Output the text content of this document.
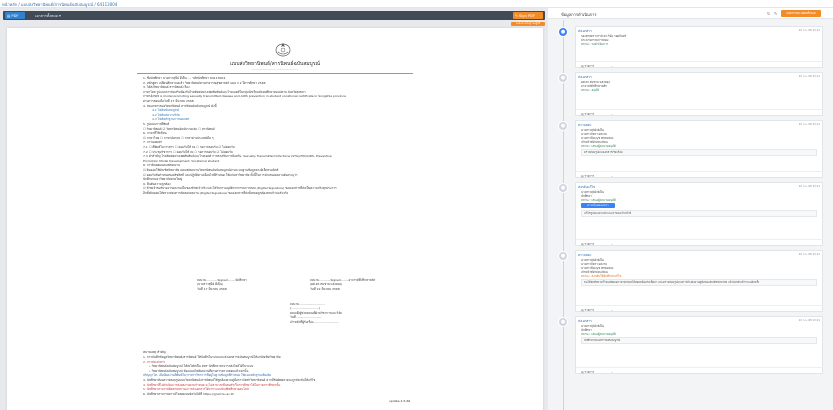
หน้าหลัก / แบบส่งวิทยานิพนธ์/สารนิพนธ์ฉบับสมบูรณ์ / 64113004
▤ PDF	เอกสารทั้งหมด ▾	✎ Sign PDF
รอลงนามในฐานะผู้ใช้
แบบส่งวิทยานิพนธ์/สารนิพนธ์ฉบับสมบูรณ์
................................................
1. ชื่อนักศึกษา นางสาวสุนีย์ ดีเย็น .... รหัสนักศึกษา 64113004
2. หลักสูตร เปลี่ยนศึกษาจบแล้ว วิทยานิพนธ์ทางสาธารณสุขศาสตร์ แผน ก 2 ปีการศึกษา 2566
3. ได้ส่งวิทยานิพนธ์ สารนิพนธ์ เรื่อง
ภาษาไทย รูปแบบการส่งเสริมป้องกันโรคติดต่อทางเพศสัมพันธ์และโรคเอดส์ในกลุ่มนักเรียนมัธยมศึกษาตอนปลาย จังหวัดสงขลา
ภาษาอังกฤษ A model promoting sexually transmitted disease and AIDS prevention in student vocational certificate in Songkhla province
ผ่านการสอบเมื่อวันที่ 17 มีนาคม 2568
4. ส่งเอกสารของวิทยานิพนธ์ สารนิพนธ์ฉบับสมบูรณ์ ดังนี้
4.1 ไฟล์ฉบับสมบูรณ์
4.2 ไฟล์บทความวิจัย
4.3 ไฟล์หลักฐานการเผยแพร่
5. รูปแบบการตีพิมพ์
☐ วิทยานิพนธ์ ☑ วิทยานิพนธ์ฉบับรวมเล่ม ☐ สารนิพนธ์
6. ภาษาที่ใช้เขียน
☑ ภาษาไทย ☐ ภาษาอังกฤษ ☐ ภาษาต่างประเทศอื่น ๆ
7. การเผยแพร่
7.1 ☐ ตีพิมพ์ในวารสาร ☐ ยอมรับให้ ลง ☐ รอการตอบรับ ☑ ไม่ยอมรับ
7.2 ☐ ประชุมวิชาการ ☐ ยอมรับให้ ลง ☐ รอการตอบรับ ☑ ไม่ยอมรับ
7.3 คำสำคัญ โรคติดต่อทางเพศสัมพันธ์และโรคเอดส์ การส่งเสริมการป้องกัน, Sexually Transmitted Infections (STIs)/HIV/AIDS, Preventive
Promotion Model Development, Vocational student
8. การยินยอมเผยแพร่ผลงาน
☑ ยินยอมให้บัณฑิตวิทยาลัย เผยแพร่ผลงานวิทยานิพนธ์ฉบับสมบูรณ์ผ่านระบบฐานข้อมูลทางอิเล็กทรอนิกส์
☑ ยอมรับข้อกำหนดของลิขสิทธิ์ และปฏิบัติตามเงื่อนไขที่กำหนด ให้แก่มหาวิทยาลัย ทั้งนี้ในการนำเสนอผลงานต้องระบุว่า
นักศึกษามหาวิทยาลัยหาดใหญ่
9. ยืนยันความถูกต้อง
☑ ข้าพเจ้าขอรับรองว่าผลงานเป็นของข้าพเจ้าจริง และได้รับการอนุมัติจากกรรมการสอบ (Digital Signature) ของเอกสารที่ส่งเป็นความจริงทุกประการ
อีกทั้งยินยอมให้ตรวจสอบการคัดลอกผลงาน (Digital Signature) ของเอกสารที่ส่งทั้งหมดถูกต้องครบถ้วนแล้วจริง
ลงนาม............Signed........นักศึกษา
(นางสาวสุนีย์ ดีเย็น)
วันที่ 17 มีนาคม 2568
ลงนาม............Signed........อาจารย์ที่ปรึกษาหลัก
(ผศ.ดร.สมชาย แสงทอง)
วันที่ 22 มีนาคม 2568
ลงนาม...........................
(.............................)
คณบดี/ผู้ช่วยคณบดีฝ่ายวิชาการและวิจัย
วันที่...........................
เจ้าหน้าที่ผู้รับเรื่อง...........................
หมายเหตุ สำคัญ
1. การบันทึกข้อมูลวิทยานิพนธ์/สารนิพนธ์ ให้บันทึกในระบบและส่งเอกสารฉบับสมบูรณ์ให้แก่บัณฑิตวิทยาลัย
2. การส่งเอกสาร
• วิทยานิพนธ์ฉบับสมบูรณ์ ให้ส่งไฟล์เป็น PDF นักศึกษาสามารถส่งไฟล์ได้ในระบบ
• วิทยานิพนธ์ฉบับสมบูรณ์ ต้องแนบไฟล์ผลงานที่ผ่านการตรวจสอบแล้วเท่านั้น
ปริญญาโท: เมื่อมีผลงานตีพิมพ์ในวารสารวิชาการที่อยู่ในฐานข้อมูลที่กำหนด ให้แนบหลักฐานเพิ่มเติม
3. นักศึกษาต้องตรวจสอบรูปแบบวิทยานิพนธ์/สารนิพนธ์ให้ถูกต้องตามคู่มือการจัดทำวิทยานิพนธ์ หากมีข้อผิดพลาดจะถูกส่งกลับให้แก้ไข
4. นักศึกษาที่ไม่ดำเนินการส่งผลงานตามกำหนด จะไม่สามารถยื่นขอสำเร็จการศึกษาได้ในภาคการศึกษานั้น
5. นักศึกษาสามารถติดตามสถานะการส่งเอกสารได้จากระบบบัณฑิตศึกษาออนไลน์
6. นักศึกษาสามารถดาวน์โหลดแบบฟอร์มได้ที่ https://grad.hu.ac.th
update 2-5-66
ข้อมูลการดำเนินการ	↻ ✎	แสดงรายละเอียดทั้งหมด
●	ส่งเอกสาร	22 ก.ย. 68 13:21
รองศาสตราจารย์ ดร.วินัย รอดจันทร์
ประธานกรรมการสอบ
สถานะ: รอดำเนินการ
▤ รายการ	⌄
●	ส่งเอกสาร	22 ก.ย. 68 13:21
ผศ.ดร.สมชาย แสงทอง
อาจารย์ที่ปรึกษาหลัก
สถานะ: อนุมัติ
▤ รายการ	⌄
●	ตรวจสอบ	22 ก.ย. 68 13:21
นางสาวสุนีย์ ดีเย็น
นางสาวจิตรา ผลงาม
นางสาวปิยะนุช พรหมทอง
เจ้าหน้าที่ฝ่ายทะเบียน
สถานะ: เสนอผู้ลงนามอนุมัติ
ตรวจสอบรูปแบบเอกสารเรียบร้อย
▤ รายการ	⌄
●	ส่งกลับแก้ไข	22 ก.ย. 68 13:21
นางสาวสุนีย์ ดีเย็น
นักศึกษา
สถานะ: เสนอผู้ลงนามอนุมัติ
ดาวน์โหลดเอกสาร
แก้ไขรูปแบบตามคำแนะนำของเจ้าหน้าที่
▤ รายการ	⌄
●	ตรวจสอบ	22 ก.ย. 68 13:21
นางสาวสุนีย์ ดีเย็น
นางสาวจิตรา ผลงาม
นางสาวปิยะนุช พรหมทอง
เจ้าหน้าที่ฝ่ายทะเบียน
สถานะ: ส่งกลับให้นักศึกษาแก้ไข
ขอให้นักศึกษาแก้ไขบทคัดย่อภาษาอังกฤษให้สอดคล้องกับเนื้อหา และตรวจสอบรูปแบบการอ้างอิงตามคู่มือของบัณฑิตวิทยาลัย แล้วส่งกลับเข้าระบบอีกครั้ง
▤ รายการ	⌄
●	ส่งเอกสาร	22 ก.ย. 68 13:21
นางสาวสุนีย์ ดีเย็น
นักศึกษา
สถานะ: เสนอผู้ลงนามอนุมัติ
นักศึกษาส่งเอกสารฉบับสมบูรณ์
▤ รายการ	⌄
